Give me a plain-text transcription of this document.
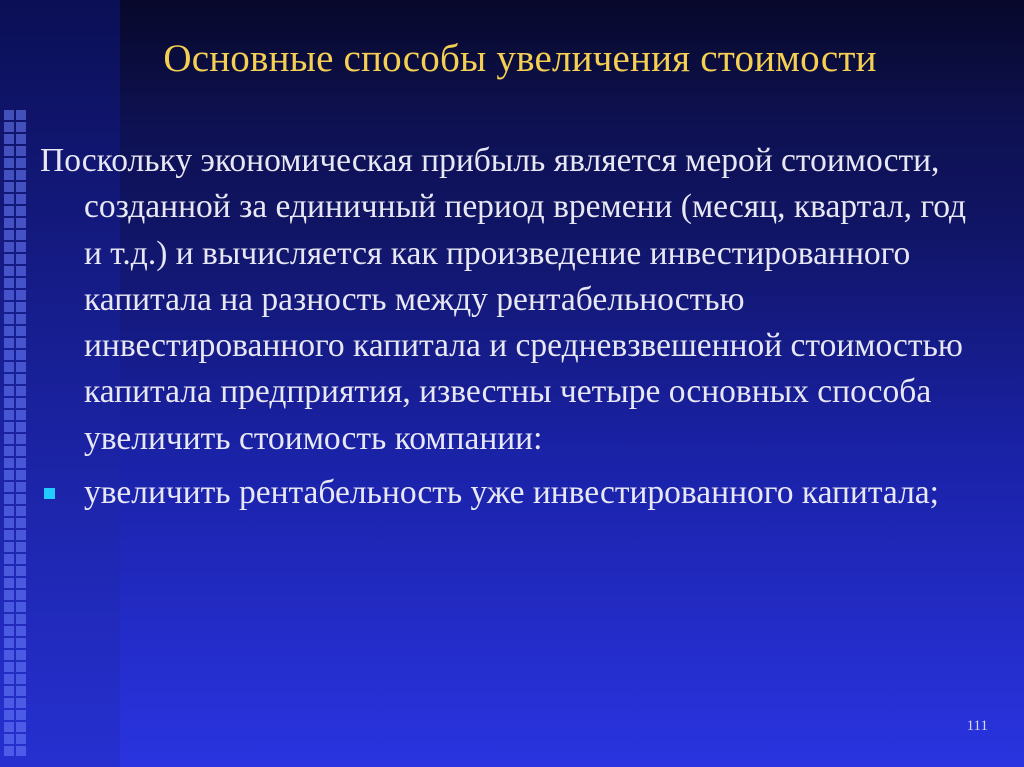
Основные способы увеличения стоимости

Поскольку экономическая прибыль является мерой стоимости, созданной за единичный период времени (месяц, квартал, год и т.д.) и вычисляется как произведение инвестированного капитала на разность между рентабельностью инвестированного капитала и средневзвешенной стоимостью капитала предприятия, известны четыре основных способа увеличить стоимость компании:

увеличить рентабельность уже инвестированного капитала;
111
